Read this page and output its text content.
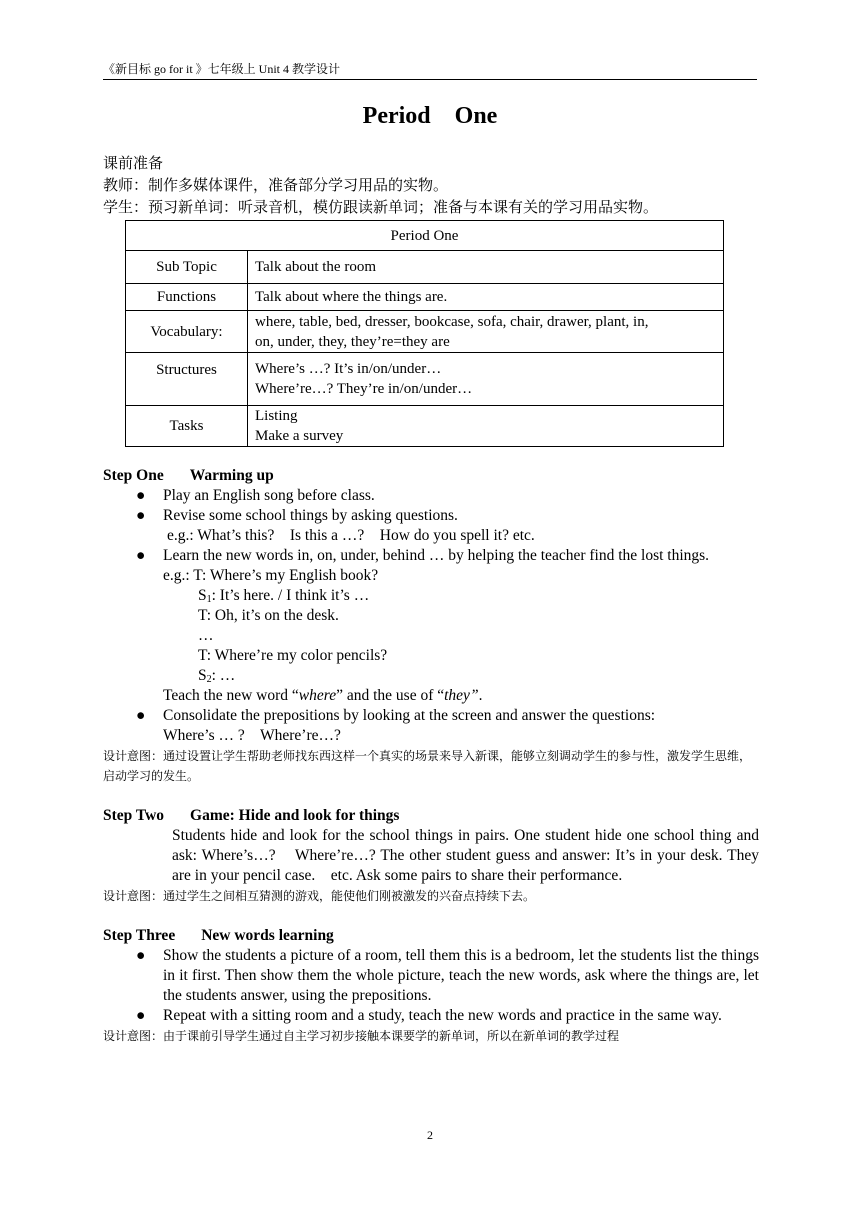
《新目标 go for it 》七年级上 Unit 4 教学设计
Period One
课前准备
教师：制作多媒体课件，准备部分学习用品的实物。
学生：预习新单词：听录音机，模仿跟读新单词；准备与本课有关的学习用品实物。
Period One	
Sub Topic	Talk about the room
Functions	Talk about where the things are.
Vocabulary:	where, table, bed, dresser, bookcase, sofa, chair, drawer, plant, in,
on, under, they, they’re=they are

Structures	Where’s …? It’s in/on/under…
Where’re…? They’re in/on/under…

Tasks	Listing
Make a survey
Step One Warming up
● Play an English song before class.
● Revise some school things by asking questions.
e.g.: What’s this?    Is this a …?    How do you spell it? etc.
● Learn the new words in, on, under, behind … by helping the teacher find the lost things.
e.g.: T: Where’s my English book?
$S_1$: It’s here. / I think it’s …
T: Oh, it’s on the desk.
…
T: Where’re my color pencils?
$S_2$: …
Teach the new word “where” and the use of “they”.
● Consolidate the prepositions by looking at the screen and answer the questions:
Where’s … ?    Where’re…?
设计意图：通过设置让学生帮助老师找东西这样一个真实的场景来导入新课，能够立刻调动学生的参与性，激发学生思维，启动学习的发生。
Step Two Game: Hide and look for things
Students hide and look for the school things in pairs. One student hide one school thing and ask: Where’s…?    Where’re…? The other student guess and answer: It’s in your desk. They are in your pencil case.    etc. Ask some pairs to share their performance.
设计意图：通过学生之间相互猜测的游戏，能使他们刚被激发的兴奋点持续下去。
Step Three New words learning
● Show the students a picture of a room, tell them this is a bedroom, let the students list the things in it first. Then show them the whole picture, teach the new words, ask where the things are, let the students answer, using the prepositions.
● Repeat with a sitting room and a study, teach the new words and practice in the same way.
设计意图：由于课前引导学生通过自主学习初步接触本课要学的新单词，所以在新单词的教学过程
2
